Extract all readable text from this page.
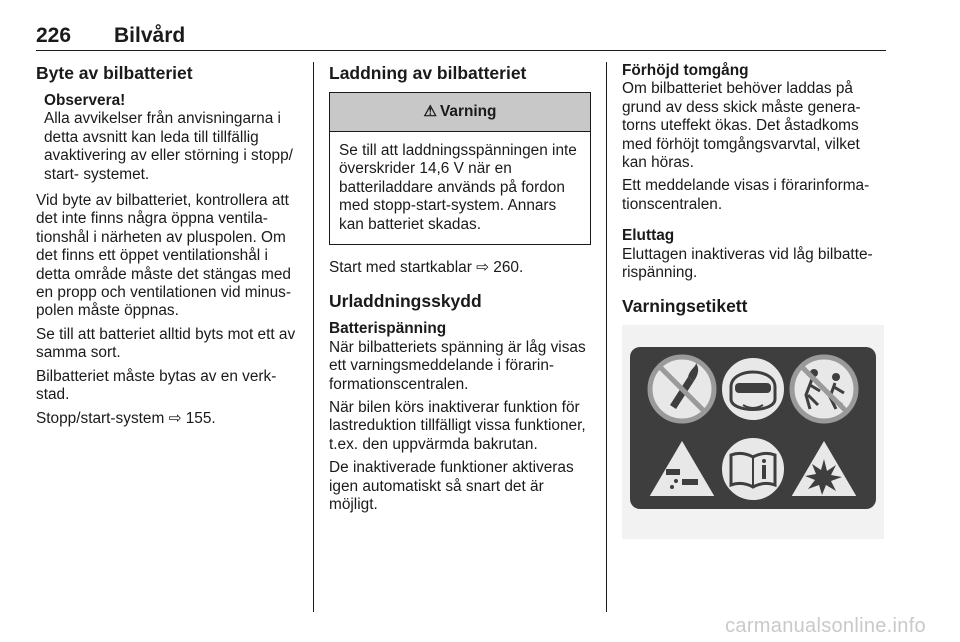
226 Bilvård
Byte av bilbatteriet
Observera!

Alla avvikelser från anvisningarna i detta avsnitt kan leda till tillfällig avaktivering av eller störning i stopp/ start- systemet.

Vid byte av bilbatteriet, kontrollera att det inte finns några öppna ventilationshål i närheten av pluspolen. Om det finns ett öppet ventilationshål i detta område måste det stängas med en propp och ventilationen vid minuspolen måste öppnas.

Se till att batteriet alltid byts mot ett av samma sort.

Bilbatteriet måste bytas av en verkstad.

Stopp/start-system ⇨ 155.

Laddning av bilbatteriet
⚠ Varning
Se till att laddningsspänningen inte överskrider 14,6 V när en batteriladdare används på fordon med stopp-start-system. Annars kan batteriet skadas.

Start med startkablar ⇨ 260.

Urladdningsskydd
Batterispänning

När bilbatteriets spänning är låg visas ett varningsmeddelande i förarinformationscentralen.

När bilen körs inaktiverar funktion för lastreduktion tillfälligt vissa funktioner, t.ex. den uppvärmda bakrutan.

De inaktiverade funktioner aktiveras igen automatiskt så snart det är möjligt.

Förhöjd tomgång

Om bilbatteriet behöver laddas på grund av dess skick måste generatorns uteffekt ökas. Det åstadkoms med förhöjt tomgångsvarvtal, vilket kan höras.

Ett meddelande visas i förarinformationscentralen.

Eluttag

Eluttagen inaktiveras vid låg bilbatterispänning.

Varningsetikett
carmanualsonline.info
